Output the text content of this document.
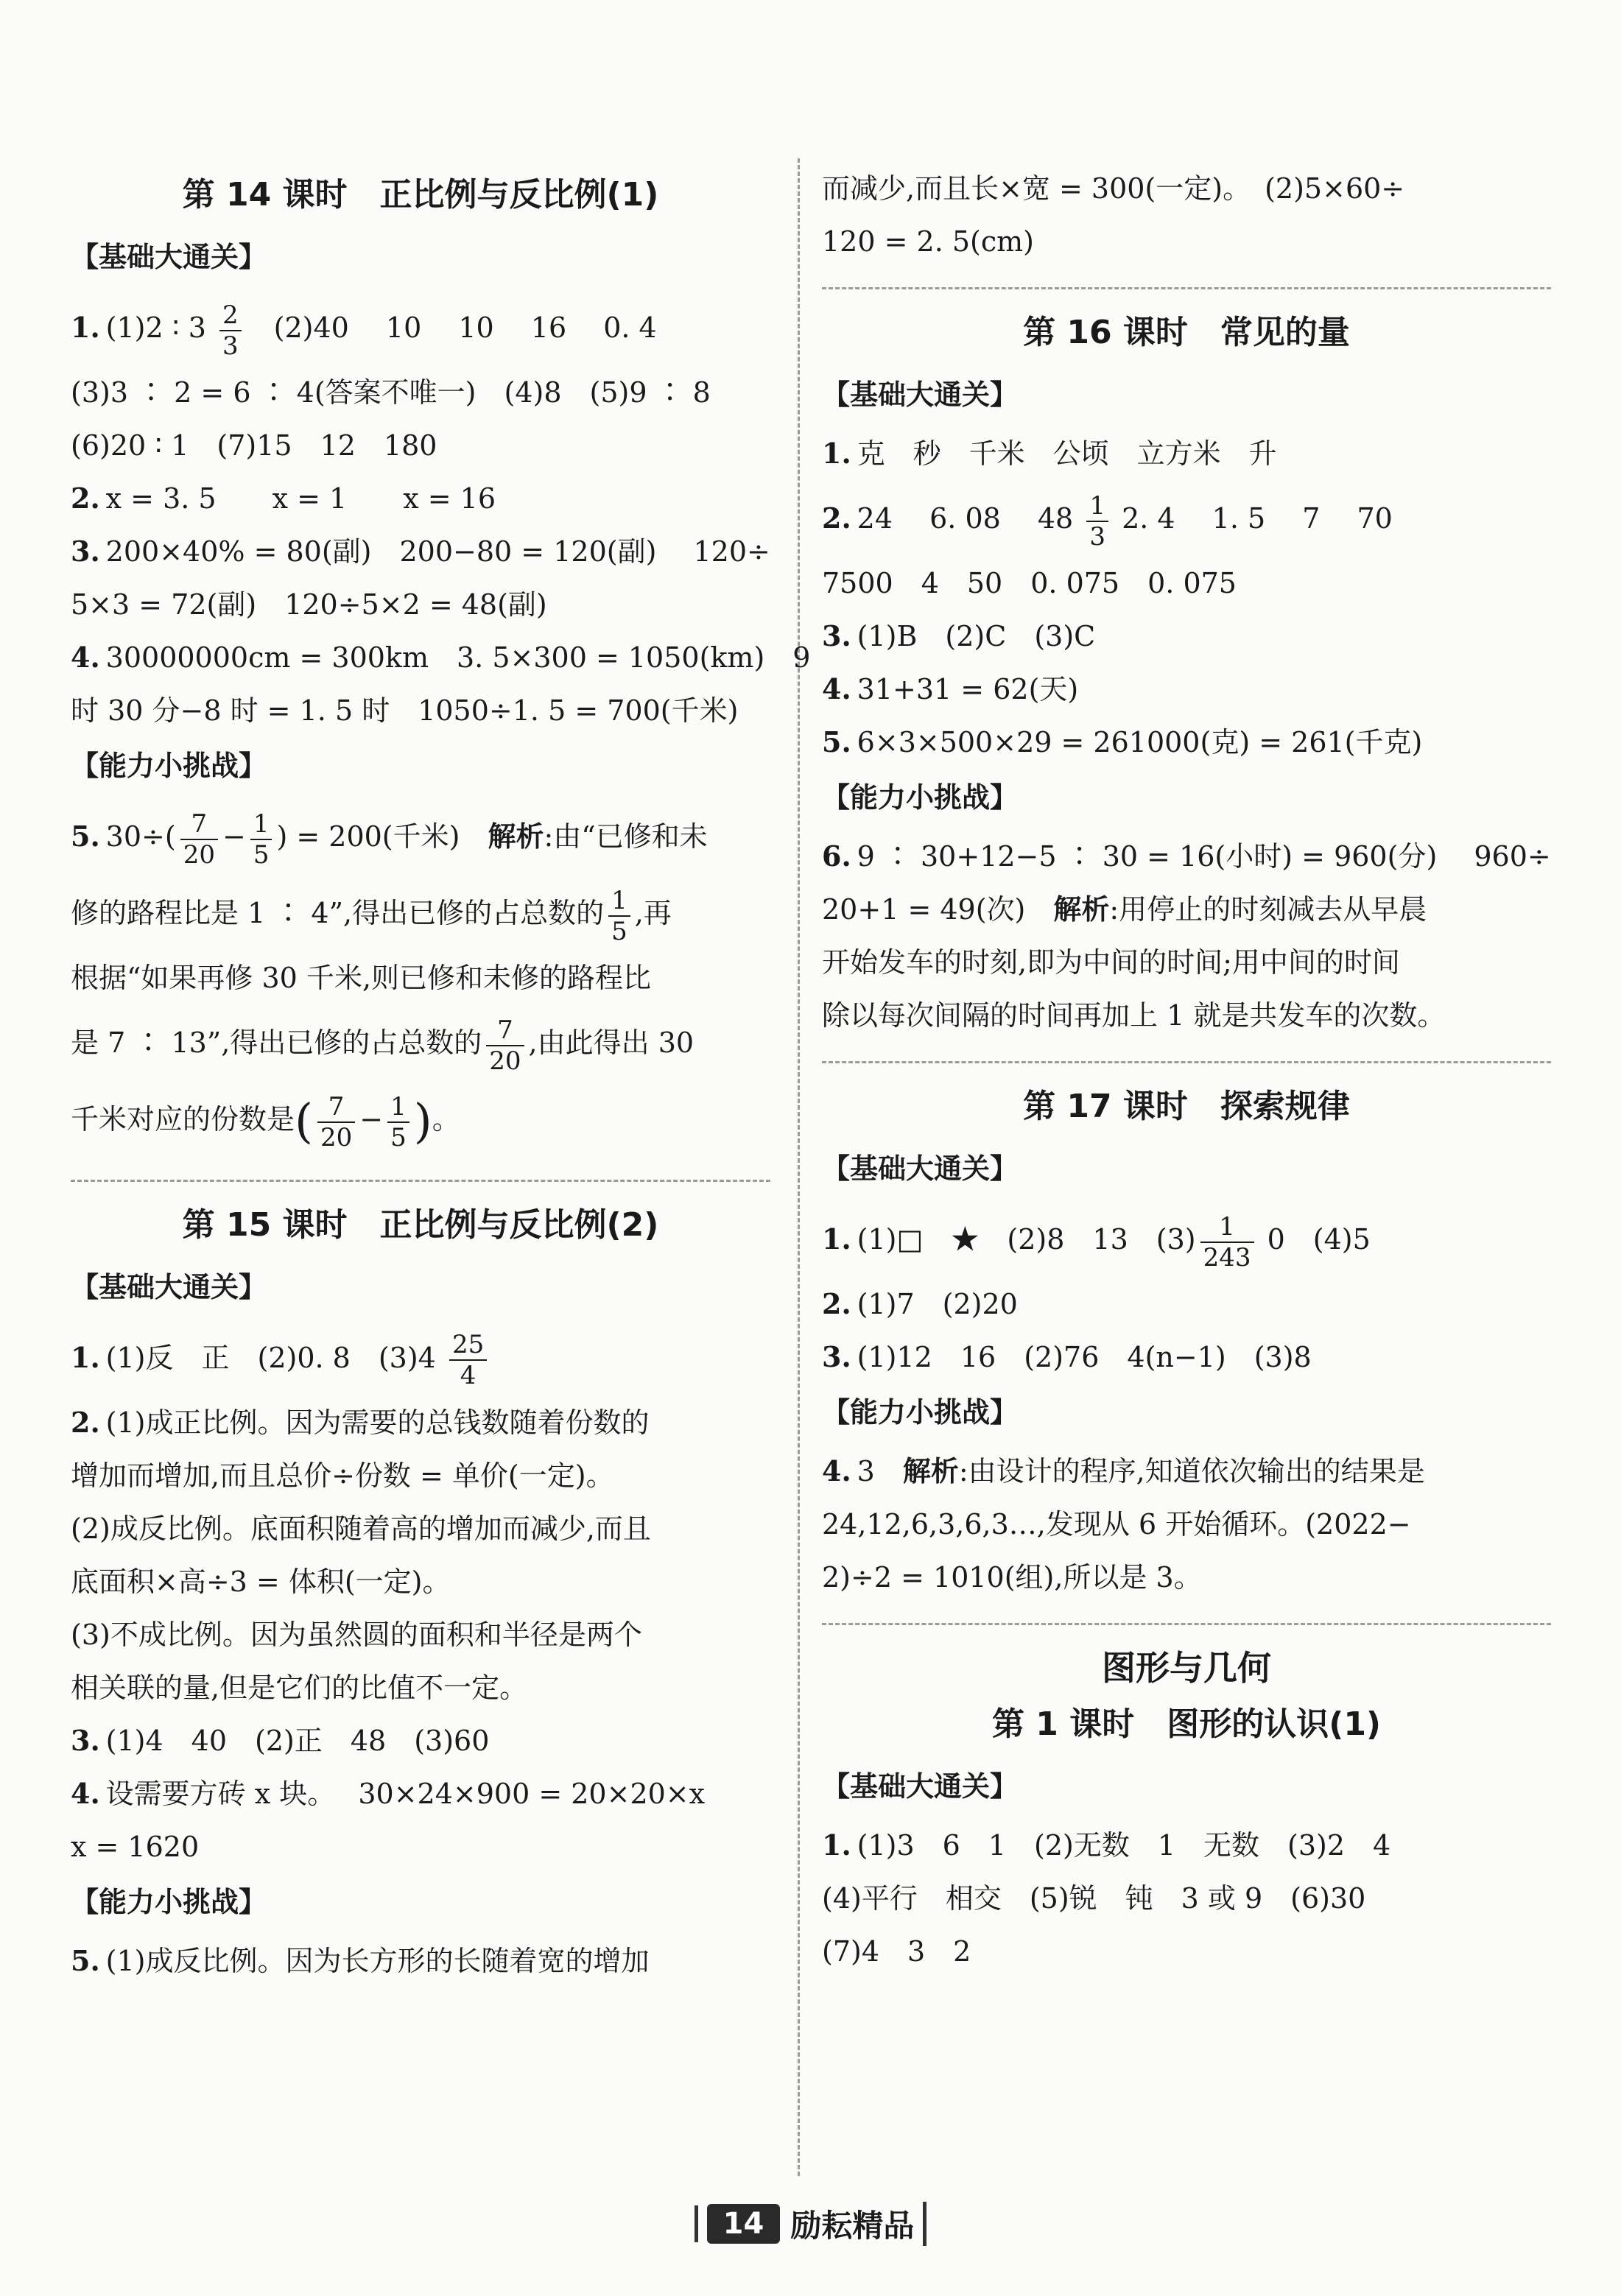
第 14 课时　正比例与反比例(1)
【基础大通关】
1. (1)2 ∶ $3 \frac{2}{3}$ 　(2)40　 10　 10　 16　 0. 4
(3)3 ∶ 2 = 6 ∶ 4(答案不唯一)　(4)8　(5)9 ∶ 8
(6)20 ∶ 1　(7)15　12　180
2. x = 3. 5　　x = 1　　x = 16
3. 200×40% = 80(副)　200−80 = 120(副)　 120÷
5×3 = 72(副)　120÷5×2 = 48(副)
4. 30000000cm = 300km　3. 5×300 = 1050(km)　9
时 30 分−8 时 = 1. 5 时　1050÷1. 5 = 700(千米)
【能力小挑战】
5. $30\div( \frac{7}{20} - \frac{1}{5}$ ) = 200(千米)　解析:由“已修和未
修的路程比是 1 ∶ 4”,得出已修的占总数的 $\frac{1}{5}$ ,再
根据“如果再修 30 千米,则已修和未修的路程比
是 7 ∶ 13”,得出已修的占总数的 $\frac{7}{20}$ ,由此得出 30
千米对应的份数是( $\frac{7}{20} - \frac{1}{5}$ )。
第 15 课时　正比例与反比例(2)
【基础大通关】
1. (1)反　正　(2)0. 8　$(3)4 \frac{25}{4}$
2. (1)成正比例。因为需要的总钱数随着份数的
增加而增加,而且总价÷份数 = 单价(一定)。
(2)成反比例。底面积随着高的增加而减少,而且
底面积×高÷3 = 体积(一定)。
(3)不成比例。因为虽然圆的面积和半径是两个
相关联的量,但是它们的比值不一定。
3. (1)4　40　(2)正　48　(3)60
4. 设需要方砖 x 块。　 30×24×900 = 20×20×x
x = 1620
【能力小挑战】
5. (1)成反比例。因为长方形的长随着宽的增加
而减少,而且长×宽 = 300(一定)。　(2)5×60÷
120 = 2. 5(cm)
第 16 课时　常见的量
【基础大通关】
1. 克　秒　千米　公顷　立方米　升
2. 24　 6. 08　 $48 \frac{1}{3} 2$. 4　 1. 5　 7　 70
7500　4　50　0. 075　0. 075
3. (1)B　(2)C　(3)C
4. 31+31 = 62(天)
5. 6×3×500×29 = 261000(克) = 261(千克)
【能力小挑战】
6. 9 ∶ 30+12−5 ∶ 30 = 16(小时) = 960(分)　 960÷
20+1 = 49(次)　解析:用停止的时刻减去从早晨
开始发车的时刻,即为中间的时间;用中间的时间
除以每次间隔的时间再加上 1 就是共发车的次数。
第 17 课时　探索规律
【基础大通关】
1. (1)□　★　(2)8　13　$(3) \frac{1}{243} 0$　(4)5
2. (1)7　(2)20
3. (1)12　16　(2)76　4(n−1)　(3)8
【能力小挑战】
4. 3　解析:由设计的程序,知道依次输出的结果是
24,12,6,3,6,3…,发现从 6 开始循环。(2022−
2)÷2 = 1010(组),所以是 3。
图形与几何
第 1 课时　图形的认识(1)
【基础大通关】
1. (1)3　6　1　(2)无数　1　无数　(3)2　4
(4)平行　相交　(5)锐　钝　3 或 9　(6)30
(7)4　3　2
14 励耘精品
